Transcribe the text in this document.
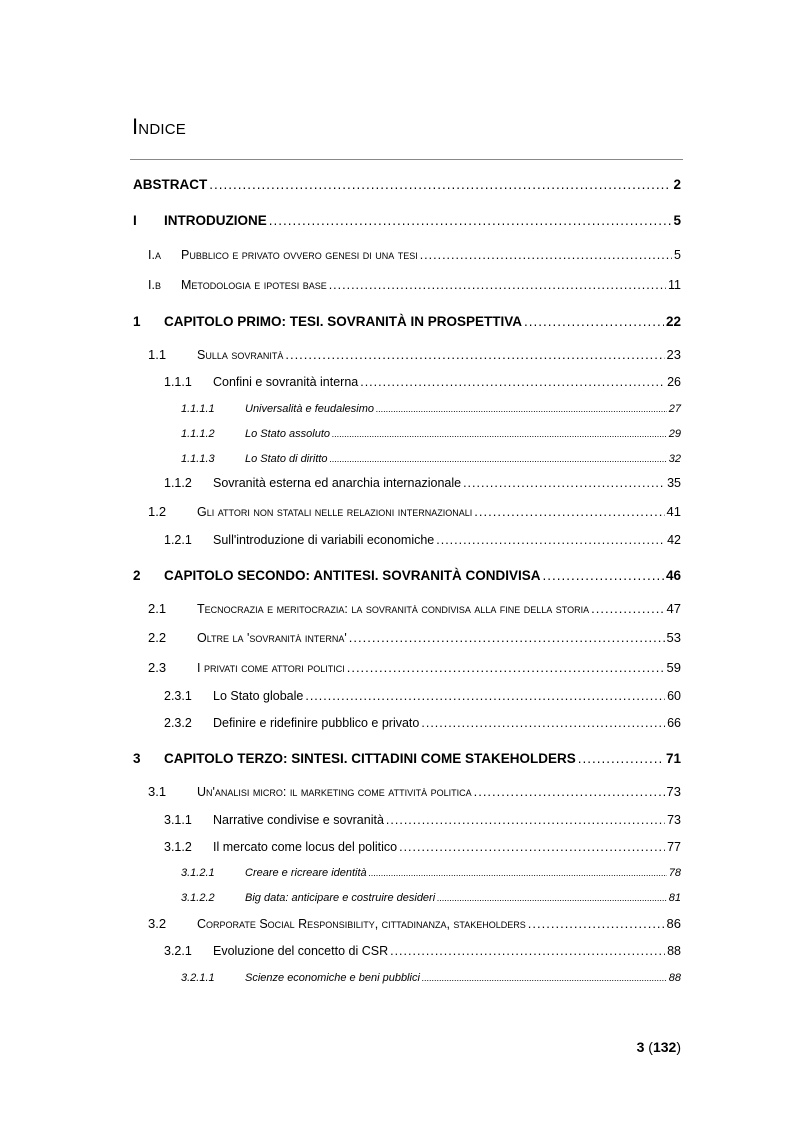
Indice
ABSTRACT .....	2
I	INTRODUZIONE .....	5
I.a	Pubblico e privato ovvero genesi di una tesi .....	5
I.b	Metodologia e ipotesi base .....	11
1	CAPITOLO PRIMO: TESI. SOVRANITÀ IN PROSPETTIVA .....	22
1.1	Sulla sovranità .....	23
1.1.1	Confini e sovranità interna .....	26
1.1.1.1	Universalità e feudalesimo .....	27
1.1.1.2	Lo Stato assoluto .....	29
1.1.1.3	Lo Stato di diritto .....	32
1.1.2	Sovranità esterna ed anarchia internazionale .....	35
1.2	Gli attori non statali nelle relazioni internazionali .....	41
1.2.1	Sull'introduzione di variabili economiche .....	42
2	CAPITOLO SECONDO: ANTITESI. SOVRANITÀ CONDIVISA .....	46
2.1	Tecnocrazia e meritocrazia: la sovranità condivisa alla fine della storia .....	47
2.2	Oltre la 'sovranità interna' .....	53
2.3	I privati come attori politici .....	59
2.3.1	Lo Stato globale .....	60
2.3.2	Definire e ridefinire pubblico e privato .....	66
3	CAPITOLO TERZO: SINTESI. CITTADINI COME STAKEHOLDERS .....	71
3.1	Un'analisi micro: il marketing come attività politica .....	73
3.1.1	Narrative condivise e sovranità .....	73
3.1.2	Il mercato come locus del politico .....	77
3.1.2.1	Creare e ricreare identità .....	78
3.1.2.2	Big data: anticipare e costruire desideri .....	81
3.2	Corporate Social Responsibility, cittadinanza, stakeholders .....	86
3.2.1	Evoluzione del concetto di CSR .....	88
3.2.1.1	Scienze economiche e beni pubblici .....	88
3 (132)
